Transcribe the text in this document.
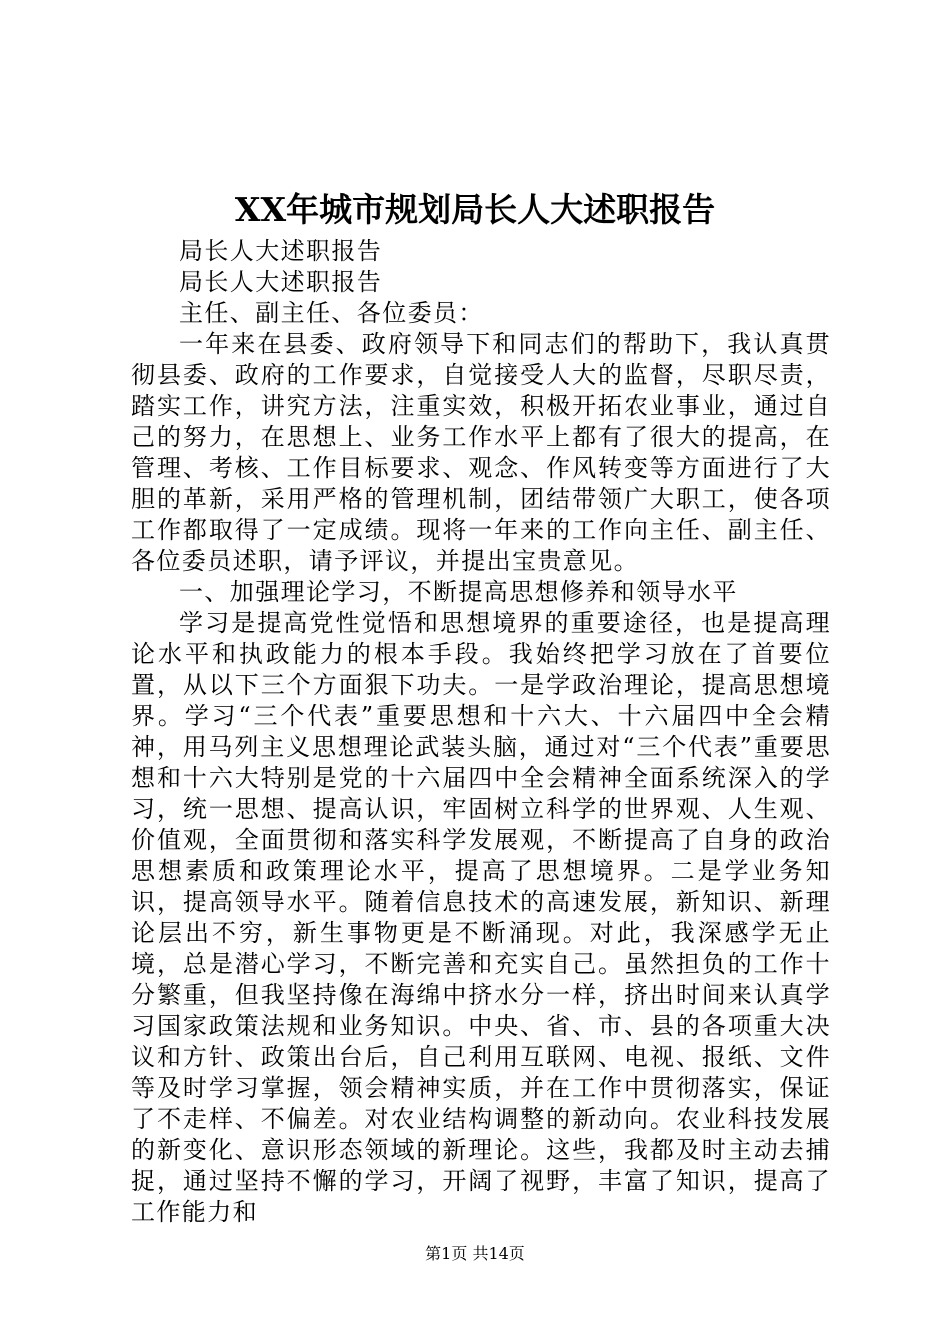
XX年城市规划局长人大述职报告

局长人大述职报告

局长人大述职报告

主任、副主任、各位委员：

一年来在县委、政府领导下和同志们的帮助下，我认真贯彻县委、政府的工作要求，自觉接受人大的监督，尽职尽责，踏实工作，讲究方法，注重实效，积极开拓农业事业，通过自己的努力，在思想上、业务工作水平上都有了很大的提高，在管理、考核、工作目标要求、观念、作风转变等方面进行了大胆的革新，采用严格的管理机制，团结带领广大职工，使各项工作都取得了一定成绩。现将一年来的工作向主任、副主任、各位委员述职，请予评议，并提出宝贵意见。

一、加强理论学习，不断提高思想修养和领导水平

学习是提高党性觉悟和思想境界的重要途径，也是提高理论水平和执政能力的根本手段。我始终把学习放在了首要位置，从以下三个方面狠下功夫。一是学政治理论，提高思想境界。学习“三个代表”重要思想和十六大、十六届四中全会精神，用马列主义思想理论武装头脑，通过对“三个代表”重要思想和十六大特别是党的十六届四中全会精神全面系统深入的学习，统一思想、提高认识，牢固树立科学的世界观、人生观、价值观，全面贯彻和落实科学发展观，不断提高了自身的政治思想素质和政策理论水平，提高了思想境界。二是学业务知识，提高领导水平。随着信息技术的高速发展，新知识、新理论层出不穷，新生事物更是不断涌现。对此，我深感学无止境，总是潜心学习，不断完善和充实自己。虽然担负的工作十分繁重，但我坚持像在海绵中挤水分一样，挤出时间来认真学习国家政策法规和业务知识。中央、省、市、县的各项重大决议和方针、政策出台后，自己利用互联网、电视、报纸、文件等及时学习掌握，领会精神实质，并在工作中贯彻落实，保证了不走样、不偏差。对农业结构调整的新动向。农业科技发展的新变化、意识形态领域的新理论。这些，我都及时主动去捕捉，通过坚持不懈的学习，开阔了视野，丰富了知识，提高了工作能力和

第1页 共14页
